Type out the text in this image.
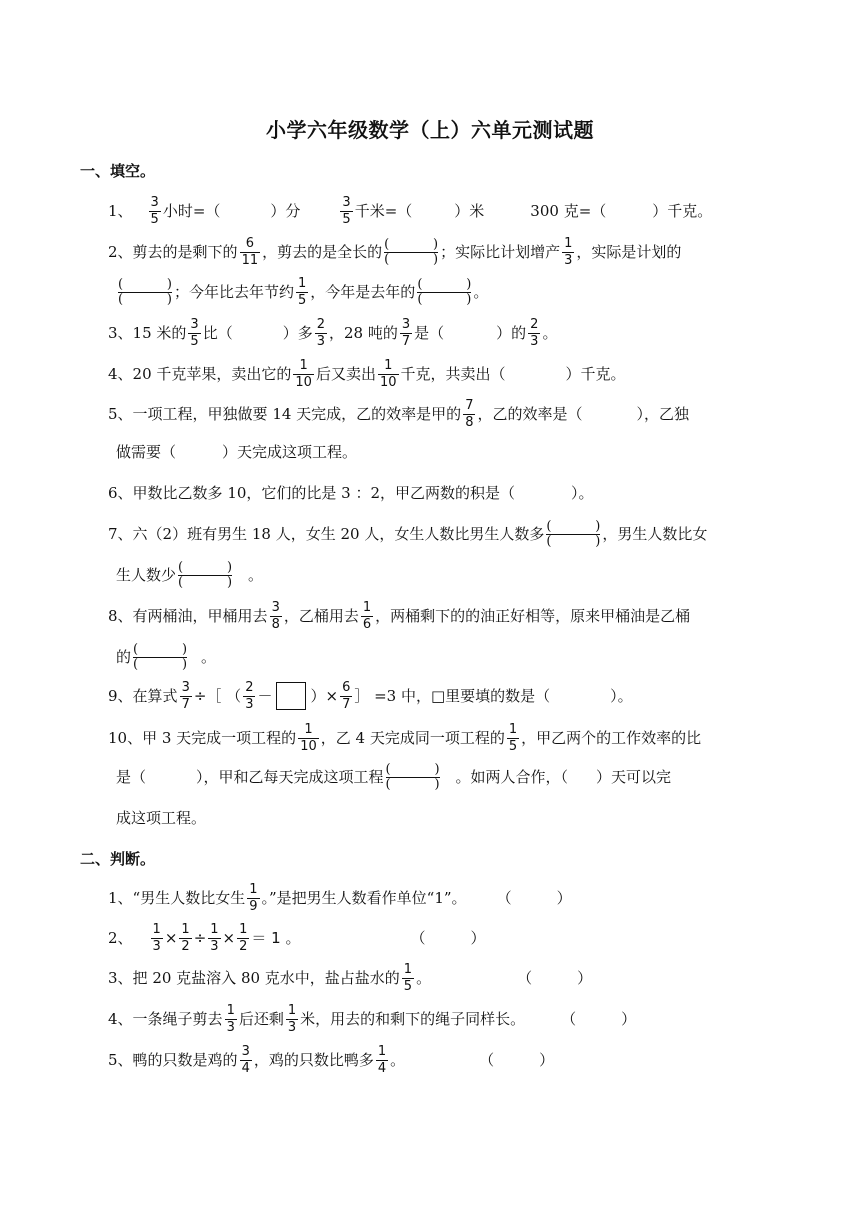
小学六年级数学（上）六单元测试题
一、填空。
1、 $\frac{3}{5}$ 小时=（	）分	$\frac{3}{5}$ 千米=（	）米	300 克=（	）千克。
2、 剪去的是剩下的 $\frac{6}{11}$ ，剪去的是全长的 (	)
(	) ；实际比计划增产 $\frac{1}{3}$ ，实际是计划的
(	)
(	) ；今年比去年节约 $\frac{1}{5}$ ，今年是去年的 (	)
(	) 。
3、 15 米的 $\frac{3}{5}$ 比（	）多 $\frac{2}{3}$ ，28 吨的 $\frac{3}{7}$ 是（	）的 $\frac{2}{3}$ 。
4、 20 千克苹果，卖出它的 $\frac{1}{10}$ 后又卖出 $\frac{1}{10}$ 千克，共卖出（	）千克。
5、 一项工程，甲独做要 14 天完成，乙的效率是甲的 $\frac{7}{8}$ ，乙的效率是（	），乙独
做需要（	）天完成这项工程。
6、 甲数比乙数多 10，它们的比是 3 ：2，甲乙两数的积是（	）。
7、 六（2）班有男生 18 人，女生 20 人，女生人数比男生人数多 (	)
(	) ，男生人数比女
生人数少 (	)
(	) 。
8、 有两桶油，甲桶用去 $\frac{3}{8}$ ，乙桶用去 $\frac{1}{6}$ ，两桶剩下的的油正好相等，原来甲桶油是乙桶
的 (	)
(	) 。
9、 在算式 $\frac{3}{7}$ ÷［ （ $\frac{2}{3}$ －	）× $\frac{6}{7}$ ］ =3 中，□里要填的数是（	）。
10、 甲 3 天完成一项工程的 $\frac{1}{10}$ ，乙 4 天完成同一项工程的 $\frac{1}{5}$ ，甲乙两个的工作效率的比
是（	），甲和乙每天完成这项工程 (	)
(	) 。如两人合作，（ ）天可以完
成这项工程。
二、判断。
1、 “男生人数比女生 $\frac{1}{9}$ 。”是把男生人数看作单位“1”。 （　　　）
2、 $\frac{1}{3} \times \frac{1}{2} \div \frac{1}{3} \times \frac{1}{2} = 1$ 。	（　　　）
3、 把 20 克盐溶入 80 克水中，盐占盐水的 $\frac{1}{5}$ 。	（　　　）
4、 一条绳子剪去 $\frac{1}{3}$ 后还剩 $\frac{1}{3}$ 米，用去的和剩下的绳子同样长。 （　　　）
5、 鸭的只数是鸡的 $\frac{3}{4}$ ，鸡的只数比鸭多 $\frac{1}{4}$ 。	（　　　）
